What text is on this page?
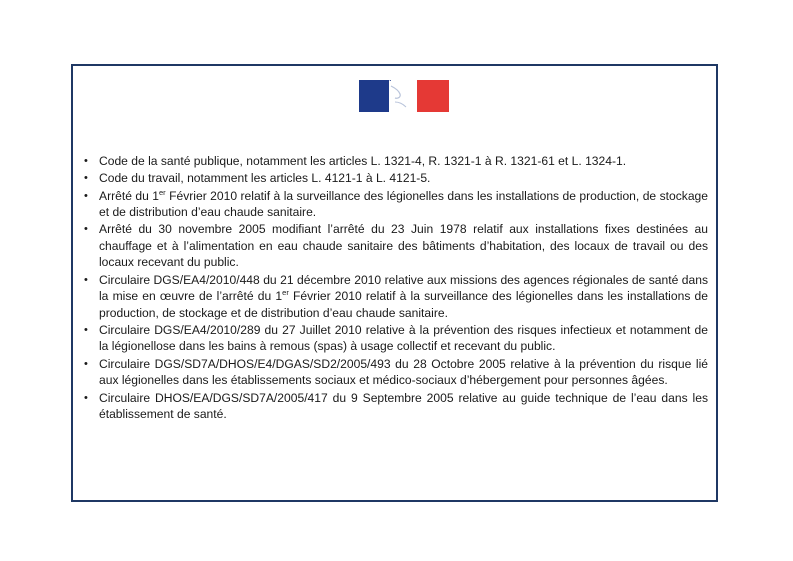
• Code de la santé publique, notamment les articles L. 1321-4, R. 1321-1 à R. 1321-61 et L. 1324-1.
• Code du travail, notamment les articles L. 4121-1 à L. 4121-5.
• Arrêté du 1er Février 2010 relatif à la surveillance des légionelles dans les installations de production, de stockage et de distribution d’eau chaude sanitaire.
• Arrêté du 30 novembre 2005 modifiant l’arrêté du 23 Juin 1978 relatif aux installations fixes destinées au chauffage et à l’alimentation en eau chaude sanitaire des bâtiments d’habitation, des locaux de travail ou des locaux recevant du public.
• Circulaire DGS/EA4/2010/448 du 21 décembre 2010 relative aux missions des agences régionales de santé dans la mise en œuvre de l’arrêté du 1er Février 2010 relatif à la surveillance des légionelles dans les installations de production, de stockage et de distribution d’eau chaude sanitaire.
• Circulaire DGS/EA4/2010/289 du 27 Juillet 2010 relative à la prévention des risques infectieux et notamment de la légionellose dans les bains à remous (spas) à usage collectif et recevant du public.
• Circulaire DGS/SD7A/DHOS/E4/DGAS/SD2/2005/493 du 28 Octobre 2005 relative à la prévention du risque lié aux légionelles dans les établissements sociaux et médico-sociaux d’hébergement pour personnes âgées.
• Circulaire DHOS/EA/DGS/SD7A/2005/417 du 9 Septembre 2005 relative au guide technique de l’eau dans les établissement de santé.
